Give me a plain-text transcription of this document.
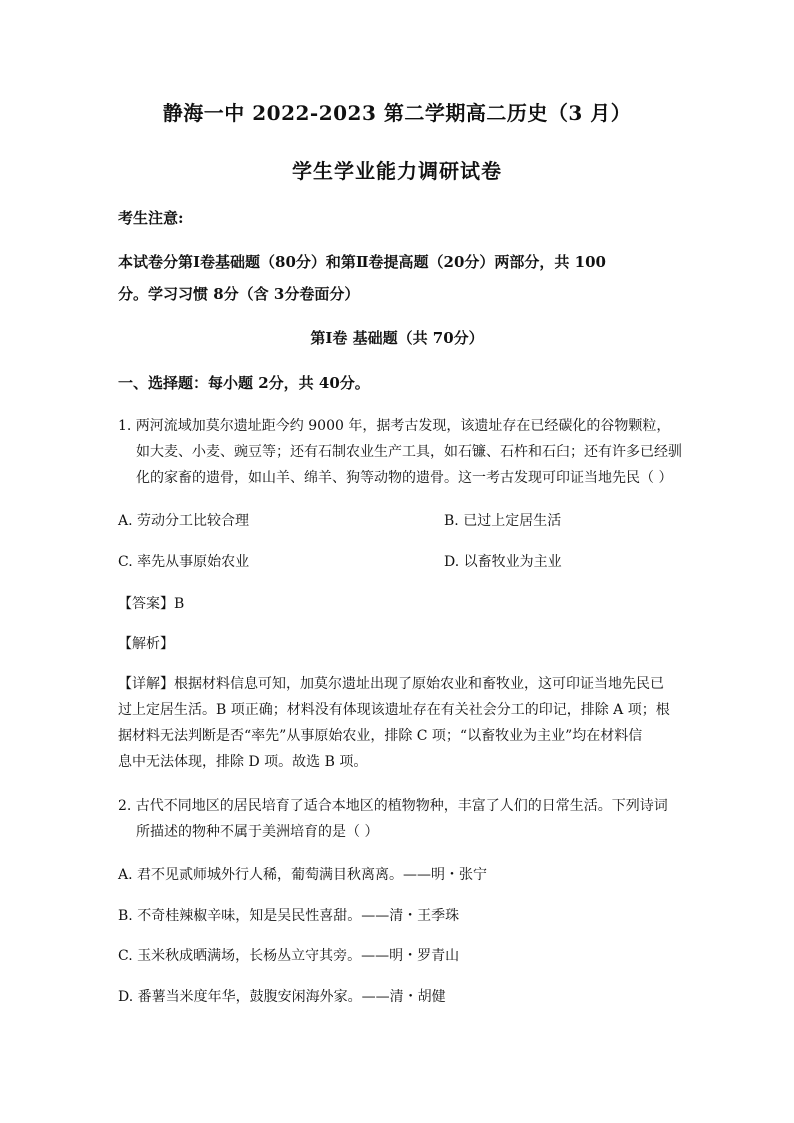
静海一中 2022-2023 第二学期高二历史（3 月）
学生学业能力调研试卷
考生注意:
本试卷分第Ⅰ卷基础题（80分）和第Ⅱ卷提高题（20分）两部分，共 100
分。学习习惯 8分（含 3分卷面分）
第Ⅰ卷 基础题（共 70分）
一、选择题：每小题 2分，共 40分。
1. 两河流域加莫尔遗址距今约 9000 年，据考古发现，该遗址存在已经碳化的谷物颗粒，
如大麦、小麦、豌豆等；还有石制农业生产工具，如石镰、石杵和石臼；还有许多已经驯
化的家畜的遗骨，如山羊、绵羊、狗等动物的遗骨。这一考古发现可印证当地先民（ ）
A. 劳动分工比较合理	B. 已过上定居生活
C. 率先从事原始农业	D. 以畜牧业为主业
【答案】B
【解析】
【详解】根据材料信息可知，加莫尔遗址出现了原始农业和畜牧业，这可印证当地先民已
过上定居生活。B 项正确；材料没有体现该遗址存在有关社会分工的印记，排除 A 项；根
据材料无法判断是否“率先”从事原始农业，排除 C 项；“以畜牧业为主业”均在材料信
息中无法体现，排除 D 项。故选 B 项。
2. 古代不同地区的居民培育了适合本地区的植物物种，丰富了人们的日常生活。下列诗词
所描述的物种不属于美洲培育的是（ ）
A. 君不见贰师城外行人稀，葡萄满目秋离离。——明・张宁
B. 不奇桂辣椒辛味，知是吴民性喜甜。——清・王季珠
C. 玉米秋成晒满场，长杨丛立守其旁。——明・罗青山
D. 番薯当米度年华，鼓腹安闲海外家。——清・胡健
